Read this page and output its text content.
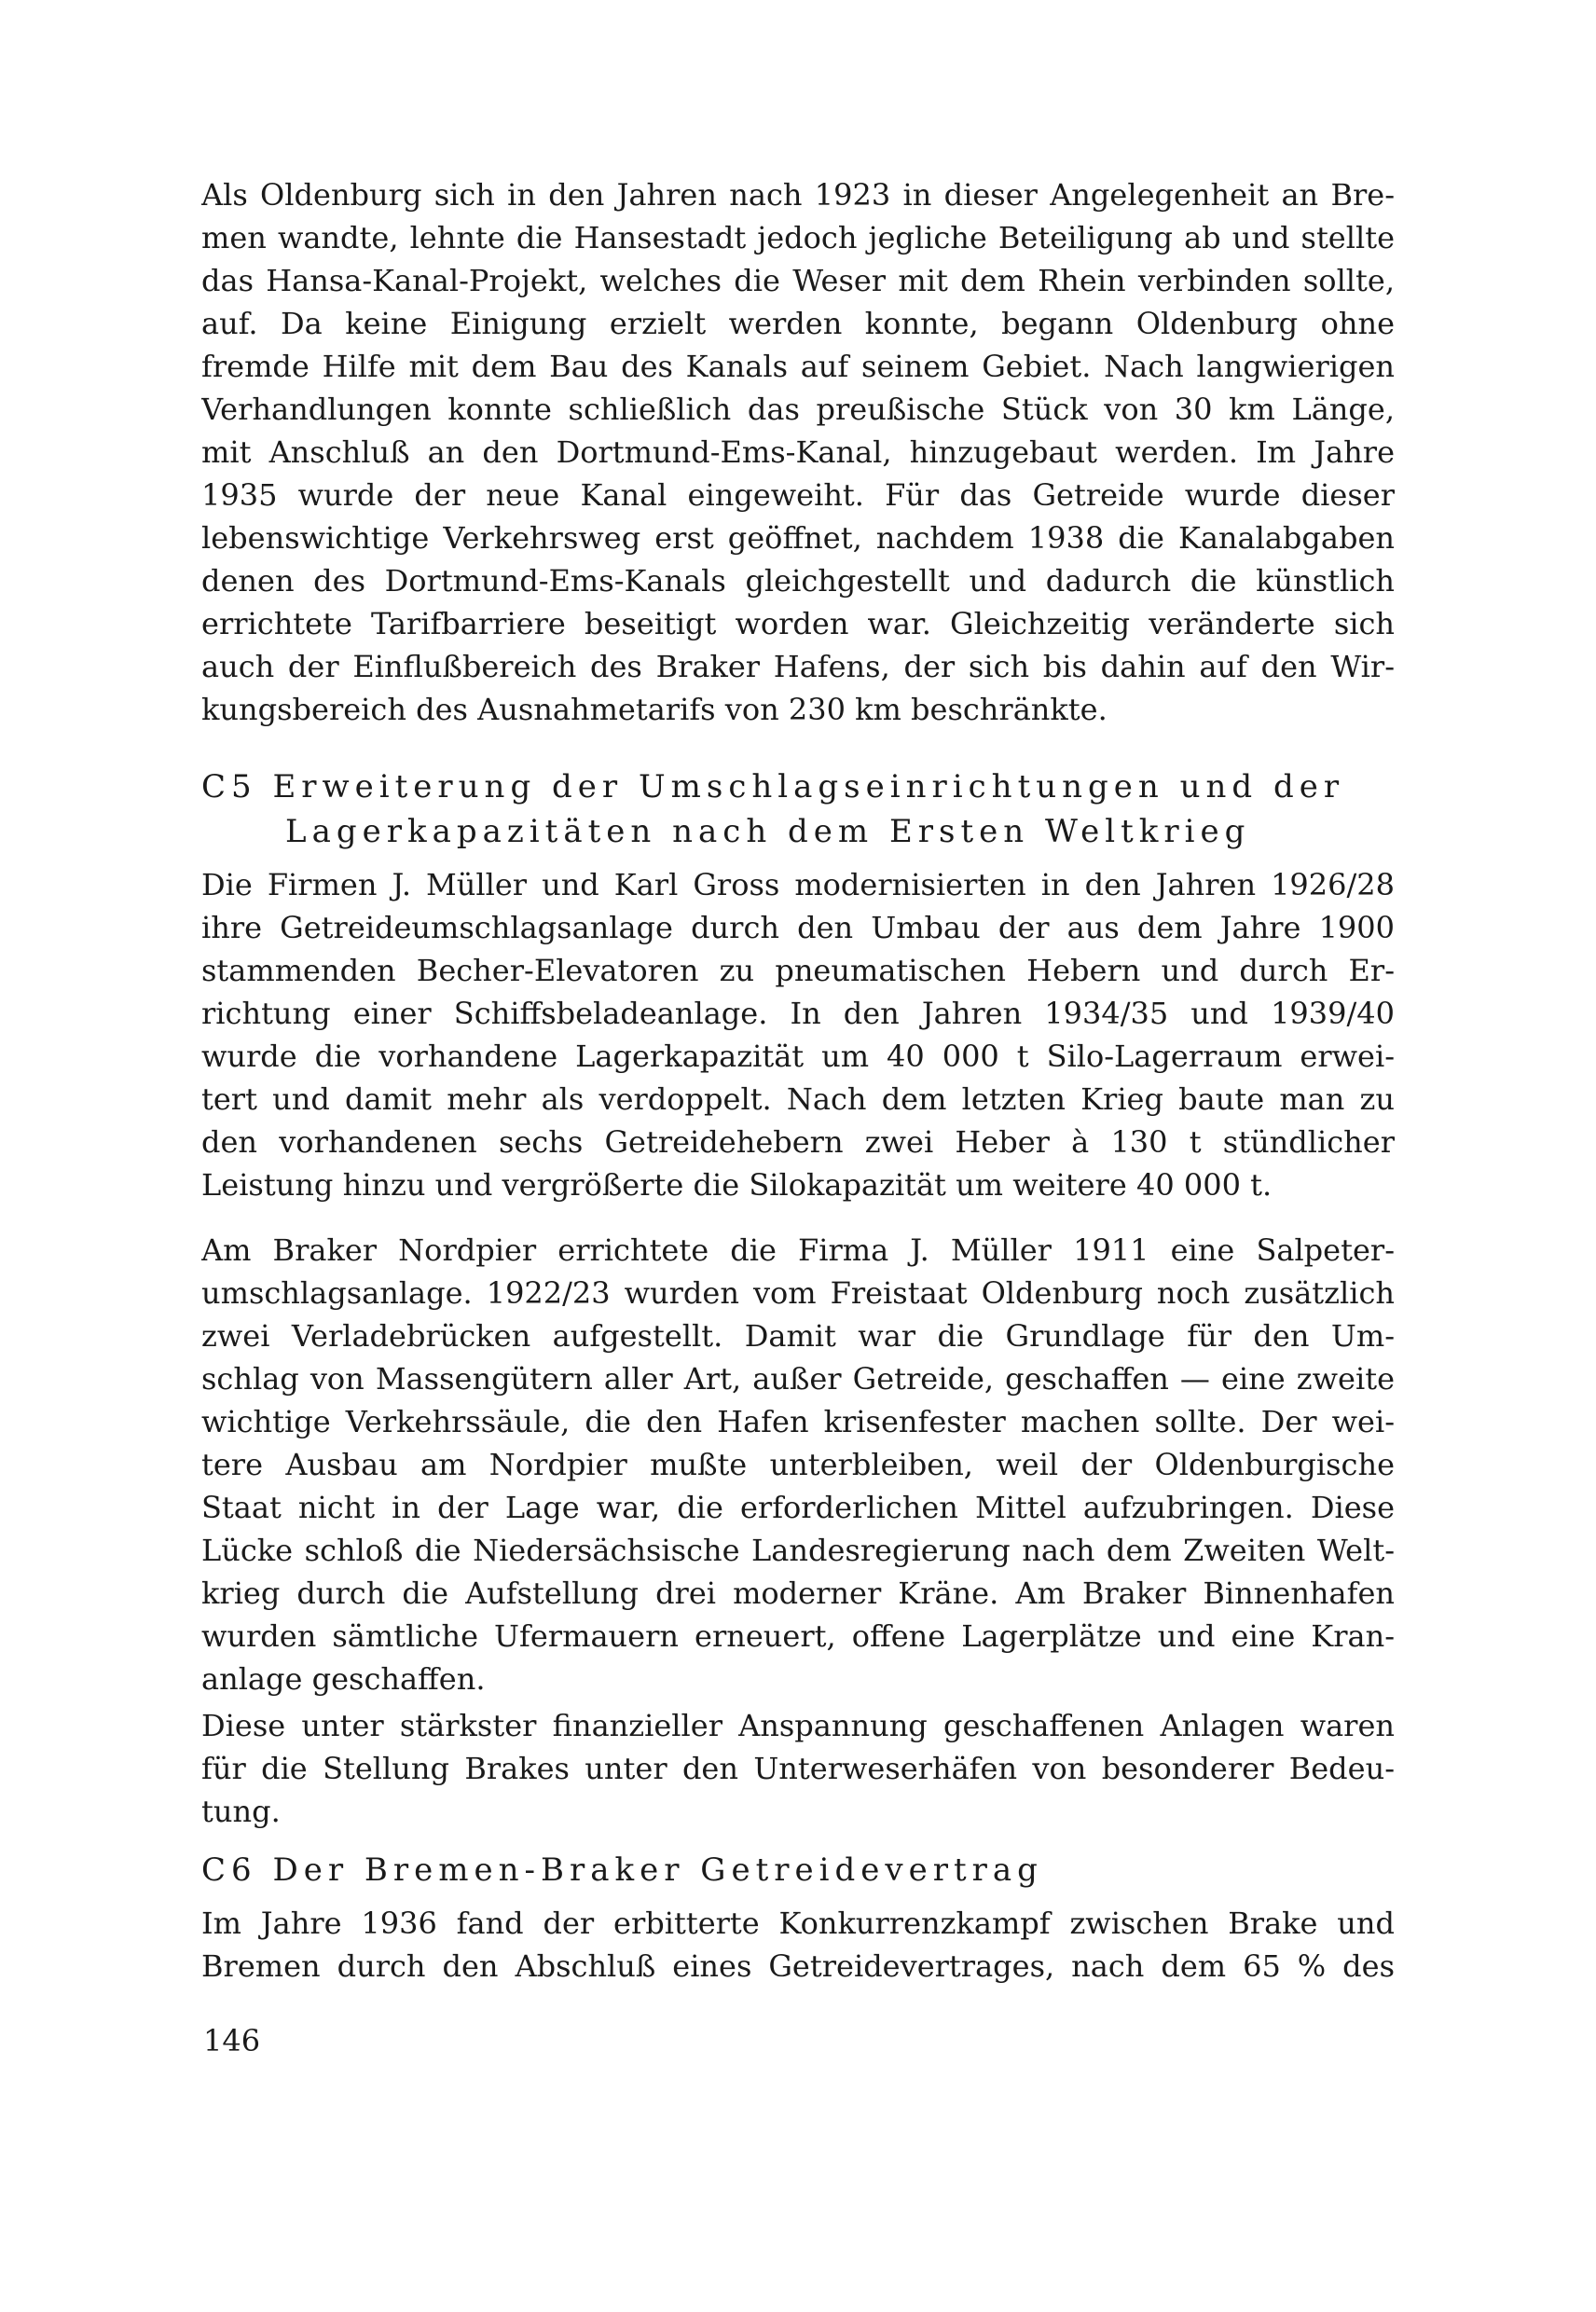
Als Oldenburg sich in den Jahren nach 1923 in dieser Angelegenheit an Bre-
men wandte, lehnte die Hansestadt jedoch jegliche Beteiligung ab und stellte
das Hansa-Kanal-Projekt, welches die Weser mit dem Rhein verbinden sollte,
auf. Da keine Einigung erzielt werden konnte, begann Oldenburg ohne
fremde Hilfe mit dem Bau des Kanals auf seinem Gebiet. Nach langwierigen
Verhandlungen konnte schließlich das preußische Stück von 30 km Länge,
mit Anschluß an den Dortmund-Ems-Kanal, hinzugebaut werden. Im Jahre
1935 wurde der neue Kanal eingeweiht. Für das Getreide wurde dieser
lebenswichtige Verkehrsweg erst geöffnet, nachdem 1938 die Kanalabgaben
denen des Dortmund-Ems-Kanals gleichgestellt und dadurch die künstlich
errichtete Tarifbarriere beseitigt worden war. Gleichzeitig veränderte sich
auch der Einflußbereich des Braker Hafens, der sich bis dahin auf den Wir-
kungsbereich des Ausnahmetarifs von 230 km beschränkte.
C5 Erweiterung der Umschlagseinrichtungen und der
Lagerkapazitäten nach dem Ersten Weltkrieg
Die Firmen J. Müller und Karl Gross modernisierten in den Jahren 1926/28
ihre Getreideumschlagsanlage durch den Umbau der aus dem Jahre 1900
stammenden Becher-Elevatoren zu pneumatischen Hebern und durch Er-
richtung einer Schiffsbeladeanlage. In den Jahren 1934/35 und 1939/40
wurde die vorhandene Lagerkapazität um 40 000 t Silo-Lagerraum erwei-
tert und damit mehr als verdoppelt. Nach dem letzten Krieg baute man zu
den vorhandenen sechs Getreidehebern zwei Heber à 130 t stündlicher
Leistung hinzu und vergrößerte die Silokapazität um weitere 40 000 t.
Am Braker Nordpier errichtete die Firma J. Müller 1911 eine Salpeter-
umschlagsanlage. 1922/23 wurden vom Freistaat Oldenburg noch zusätzlich
zwei Verladebrücken aufgestellt. Damit war die Grundlage für den Um-
schlag von Massengütern aller Art, außer Getreide, geschaffen — eine zweite
wichtige Verkehrssäule, die den Hafen krisenfester machen sollte. Der wei-
tere Ausbau am Nordpier mußte unterbleiben, weil der Oldenburgische
Staat nicht in der Lage war, die erforderlichen Mittel aufzubringen. Diese
Lücke schloß die Niedersächsische Landesregierung nach dem Zweiten Welt-
krieg durch die Aufstellung drei moderner Kräne. Am Braker Binnenhafen
wurden sämtliche Ufermauern erneuert, offene Lagerplätze und eine Kran-
anlage geschaffen.
Diese unter stärkster finanzieller Anspannung geschaffenen Anlagen waren
für die Stellung Brakes unter den Unterweserhäfen von besonderer Bedeu-
tung.
C6 Der Bremen-Braker Getreidevertrag
Im Jahre 1936 fand der erbitterte Konkurrenzkampf zwischen Brake und
Bremen durch den Abschluß eines Getreidevertrages, nach dem 65 % des
146
